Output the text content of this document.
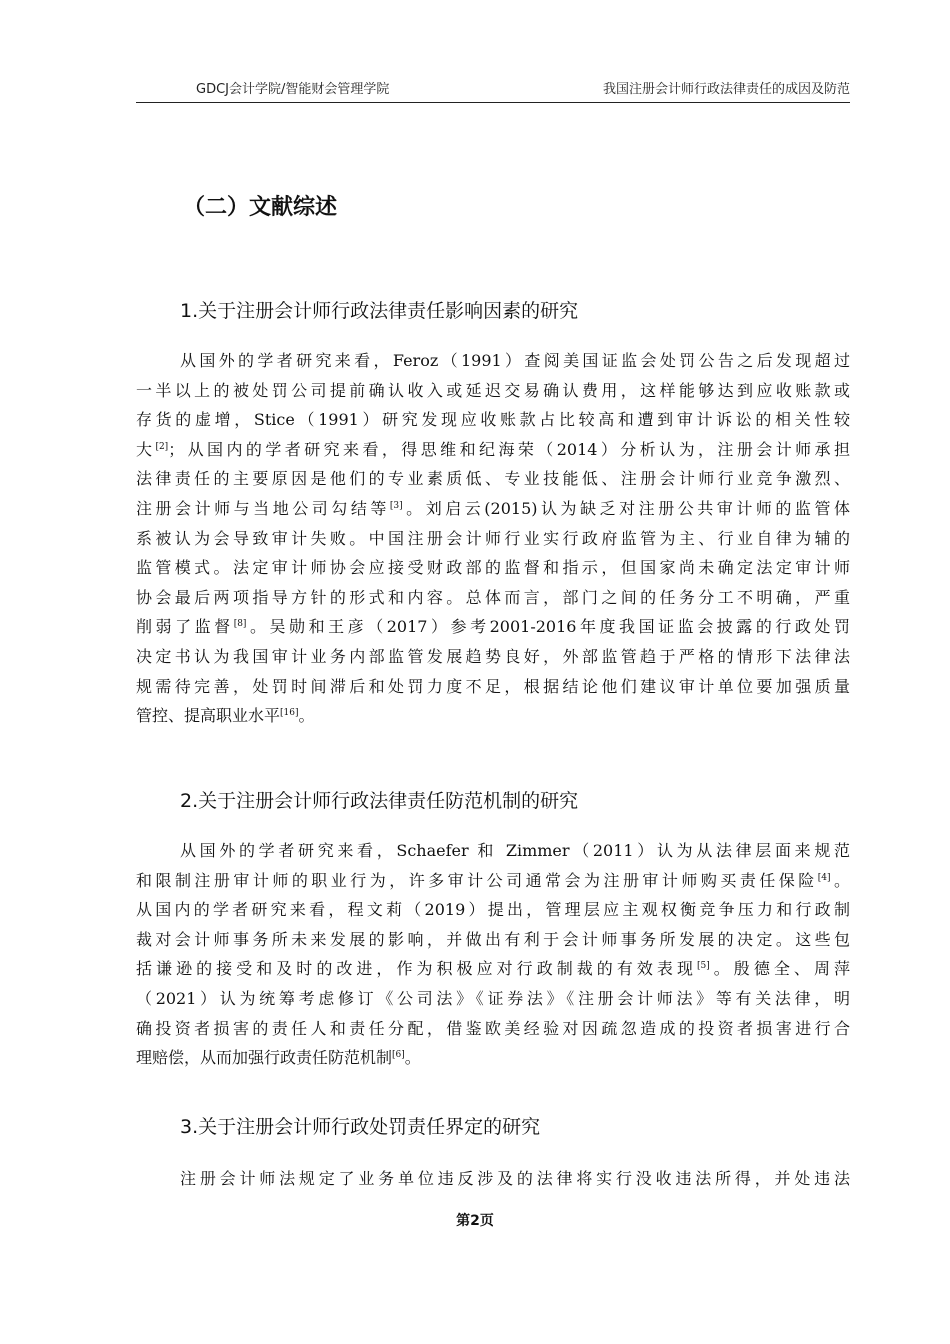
GDCJ会计学院/智能财会管理学院	我国注册会计师行政法律责任的成因及防范
（二）文献综述
1.关于注册会计师行政法律责任影响因素的研究
从国外的学者研究来看，Feroz（1991）查阅美国证监会处罚公告之后发现超过
一半以上的被处罚公司提前确认收入或延迟交易确认费用，这样能够达到应收账款或
存货的虚增，Stice（1991）研究发现应收账款占比较高和遭到审计诉讼的相关性较
大[2]；从国内的学者研究来看，得思维和纪海荣（2014）分析认为，注册会计师承担
法律责任的主要原因是他们的专业素质低、专业技能低、注册会计师行业竞争激烈、
注册会计师与当地公司勾结等[3]。刘启云(2015)认为缺乏对注册公共审计师的监管体
系被认为会导致审计失败。中国注册会计师行业实行政府监管为主、行业自律为辅的
监管模式。法定审计师协会应接受财政部的监督和指示，但国家尚未确定法定审计师
协会最后两项指导方针的形式和内容。总体而言，部门之间的任务分工不明确，严重
削弱了监督[8]。吴勋和王彦（2017）参考2001-2016年度我国证监会披露的行政处罚
决定书认为我国审计业务内部监管发展趋势良好，外部监管趋于严格的情形下法律法
规需待完善，处罚时间滞后和处罚力度不足，根据结论他们建议审计单位要加强质量
管控、提高职业水平[16]。
2.关于注册会计师行政法律责任防范机制的研究
从国外的学者研究来看，Schaefer 和 Zimmer（2011）认为从法律层面来规范
和限制注册审计师的职业行为，许多审计公司通常会为注册审计师购买责任保险[4]。
从国内的学者研究来看，程文莉（2019）提出，管理层应主观权衡竞争压力和行政制
裁对会计师事务所未来发展的影响，并做出有利于会计师事务所发展的决定。这些包
括谦逊的接受和及时的改进，作为积极应对行政制裁的有效表现[5]。殷德全、周萍
（2021）认为统筹考虑修订《公司法》《证券法》《注册会计师法》等有关法律，明
确投资者损害的责任人和责任分配，借鉴欧美经验对因疏忽造成的投资者损害进行合
理赔偿，从而加强行政责任防范机制[6]。
3.关于注册会计师行政处罚责任界定的研究
注册会计师法规定了业务单位违反涉及的法律将实行没收违法所得，并处违法
第2页
